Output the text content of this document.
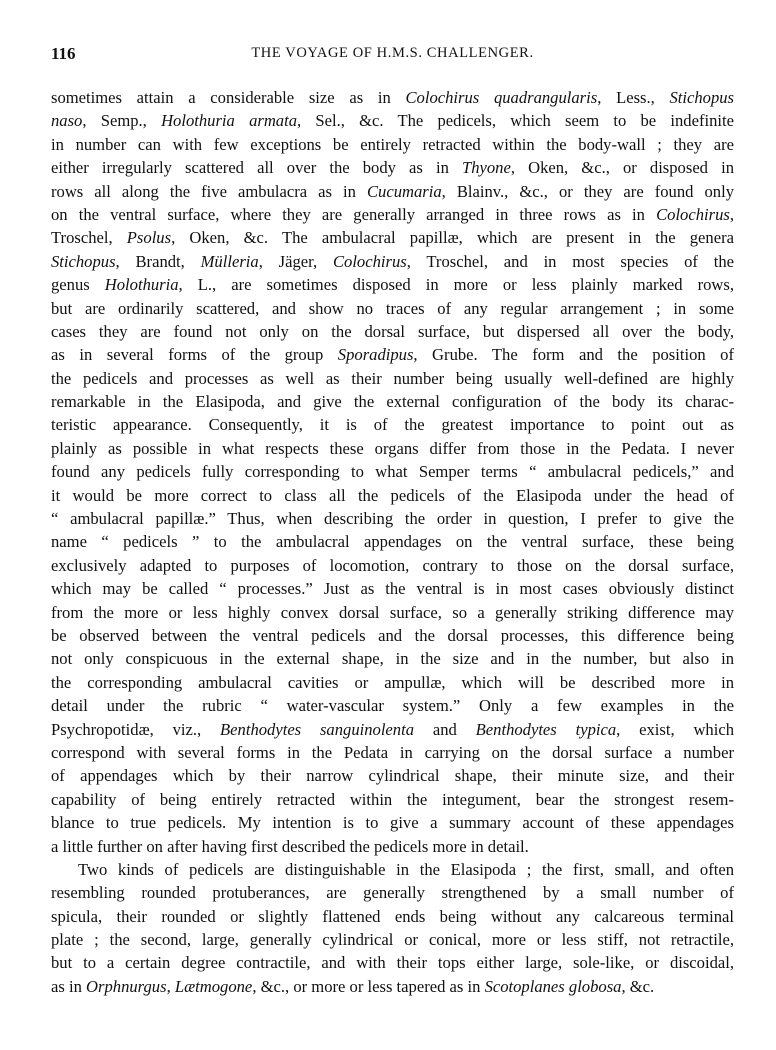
116	THE VOYAGE OF H.M.S. CHALLENGER.
sometimes attain a considerable size as in Colochirus quadrangularis, Less., Stichopus
naso, Semp., Holothuria armata, Sel., &c. The pedicels, which seem to be indefinite
in number can with few exceptions be entirely retracted within the body-wall ; they are
either irregularly scattered all over the body as in Thyone, Oken, &c., or disposed in
rows all along the five ambulacra as in Cucumaria, Blainv., &c., or they are found only
on the ventral surface, where they are generally arranged in three rows as in Colochirus,
Troschel, Psolus, Oken, &c. The ambulacral papillæ, which are present in the genera
Stichopus, Brandt, Mülleria, Jäger, Colochirus, Troschel, and in most species of the
genus Holothuria, L., are sometimes disposed in more or less plainly marked rows,
but are ordinarily scattered, and show no traces of any regular arrangement ; in some
cases they are found not only on the dorsal surface, but dispersed all over the body,
as in several forms of the group Sporadipus, Grube. The form and the position of
the pedicels and processes as well as their number being usually well-defined are highly
remarkable in the Elasipoda, and give the external configuration of the body its charac-
teristic appearance. Consequently, it is of the greatest importance to point out as
plainly as possible in what respects these organs differ from those in the Pedata. I never
found any pedicels fully corresponding to what Semper terms “ ambulacral pedicels,” and
it would be more correct to class all the pedicels of the Elasipoda under the head of
“ ambulacral papillæ.” Thus, when describing the order in question, I prefer to give the
name “ pedicels ” to the ambulacral appendages on the ventral surface, these being
exclusively adapted to purposes of locomotion, contrary to those on the dorsal surface,
which may be called “ processes.” Just as the ventral is in most cases obviously distinct
from the more or less highly convex dorsal surface, so a generally striking difference may
be observed between the ventral pedicels and the dorsal processes, this difference being
not only conspicuous in the external shape, in the size and in the number, but also in
the corresponding ambulacral cavities or ampullæ, which will be described more in
detail under the rubric “ water-vascular system.” Only a few examples in the
Psychropotidæ, viz., Benthodytes sanguinolenta and Benthodytes typica, exist, which
correspond with several forms in the Pedata in carrying on the dorsal surface a number
of appendages which by their narrow cylindrical shape, their minute size, and their
capability of being entirely retracted within the integument, bear the strongest resem-
blance to true pedicels. My intention is to give a summary account of these appendages
a little further on after having first described the pedicels more in detail.
Two kinds of pedicels are distinguishable in the Elasipoda ; the first, small, and often
resembling rounded protuberances, are generally strengthened by a small number of
spicula, their rounded or slightly flattened ends being without any calcareous terminal
plate ; the second, large, generally cylindrical or conical, more or less stiff, not retractile,
but to a certain degree contractile, and with their tops either large, sole-like, or discoidal,
as in Orphnurgus, Lætmogone, &c., or more or less tapered as in Scotoplanes globosa, &c.
